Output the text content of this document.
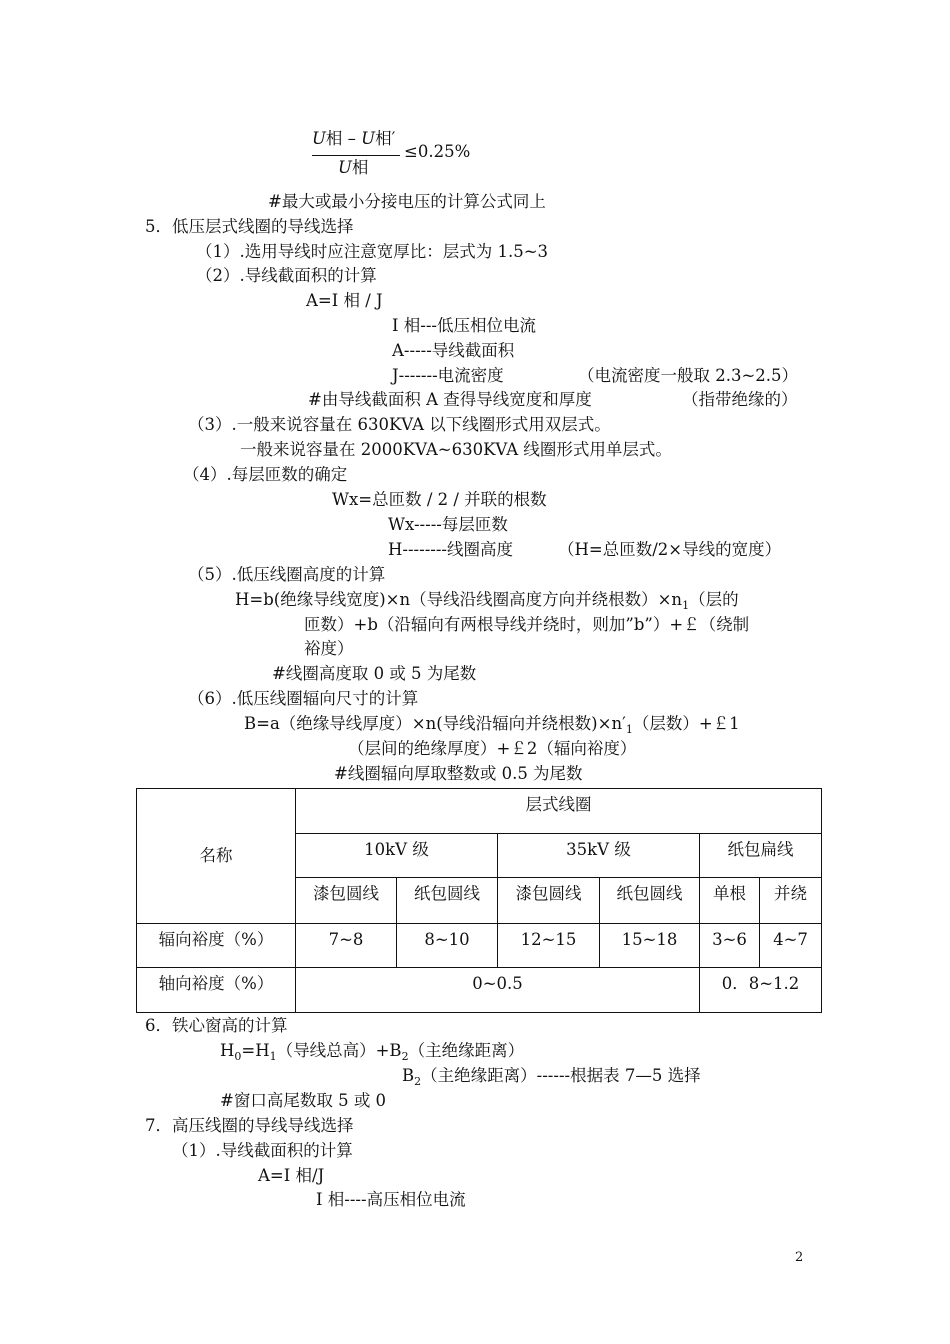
U相 – U相′
U相
≤0.25%
#最大或最小分接电压的计算公式同上
5．低压层式线圈的导线选择
（1）.选用导线时应注意宽厚比：层式为 1.5~3
（2）.导线截面积的计算
A=I 相 / J
I 相---低压相位电流
A-----导线截面积
J-------电流密度	（电流密度一般取 2.3~2.5）
#由导线截面积 A 查得导线宽度和厚度	（指带绝缘的）
（3）.一般来说容量在 630KVA 以下线圈形式用双层式。
一般来说容量在 2000KVA~630KVA 线圈形式用单层式。
（4）.每层匝数的确定
Wx=总匝数 / 2 / 并联的根数
Wx-----每层匝数
H--------线圈高度	（H=总匝数/2×导线的宽度）
（5）.低压线圈高度的计算
H=b(绝缘导线宽度)×n（导线沿线圈高度方向并绕根数）$\times n_1$（层的
匝数）+b（沿辐向有两根导线并绕时，则加”b”）+￡（绕制
裕度）
#线圈高度取 0 或 5 为尾数
（6）.低压线圈辐向尺寸的计算
B=a（绝缘导线厚度）×n(导线沿辐向并绕根数)$\times n'_1$（层数）+￡1
（层间的绝缘厚度）+￡2（辐向裕度）
#线圈辐向厚取整数或 0.5 为尾数
名称	层式线圈					
	10kV 级		35kV 级		纸包扁线	
	漆包圆线	纸包圆线	漆包圆线	纸包圆线	单根	并绕
辐向裕度（%）	7~8	8~10	12~15	15~18	3~6	4~7
轴向裕度（%）	0~0.5				0．8~1.2	
6．铁心窗高的计算
$H_0=H_1$（导线总高）$+B_2$（主绝缘距离）
$B_2$（主绝缘距离）------根据表 7—5 选择
#窗口高尾数取 5 或 0
7．高压线圈的导线导线选择
（1）.导线截面积的计算
A=I 相/J
I 相----高压相位电流
2
